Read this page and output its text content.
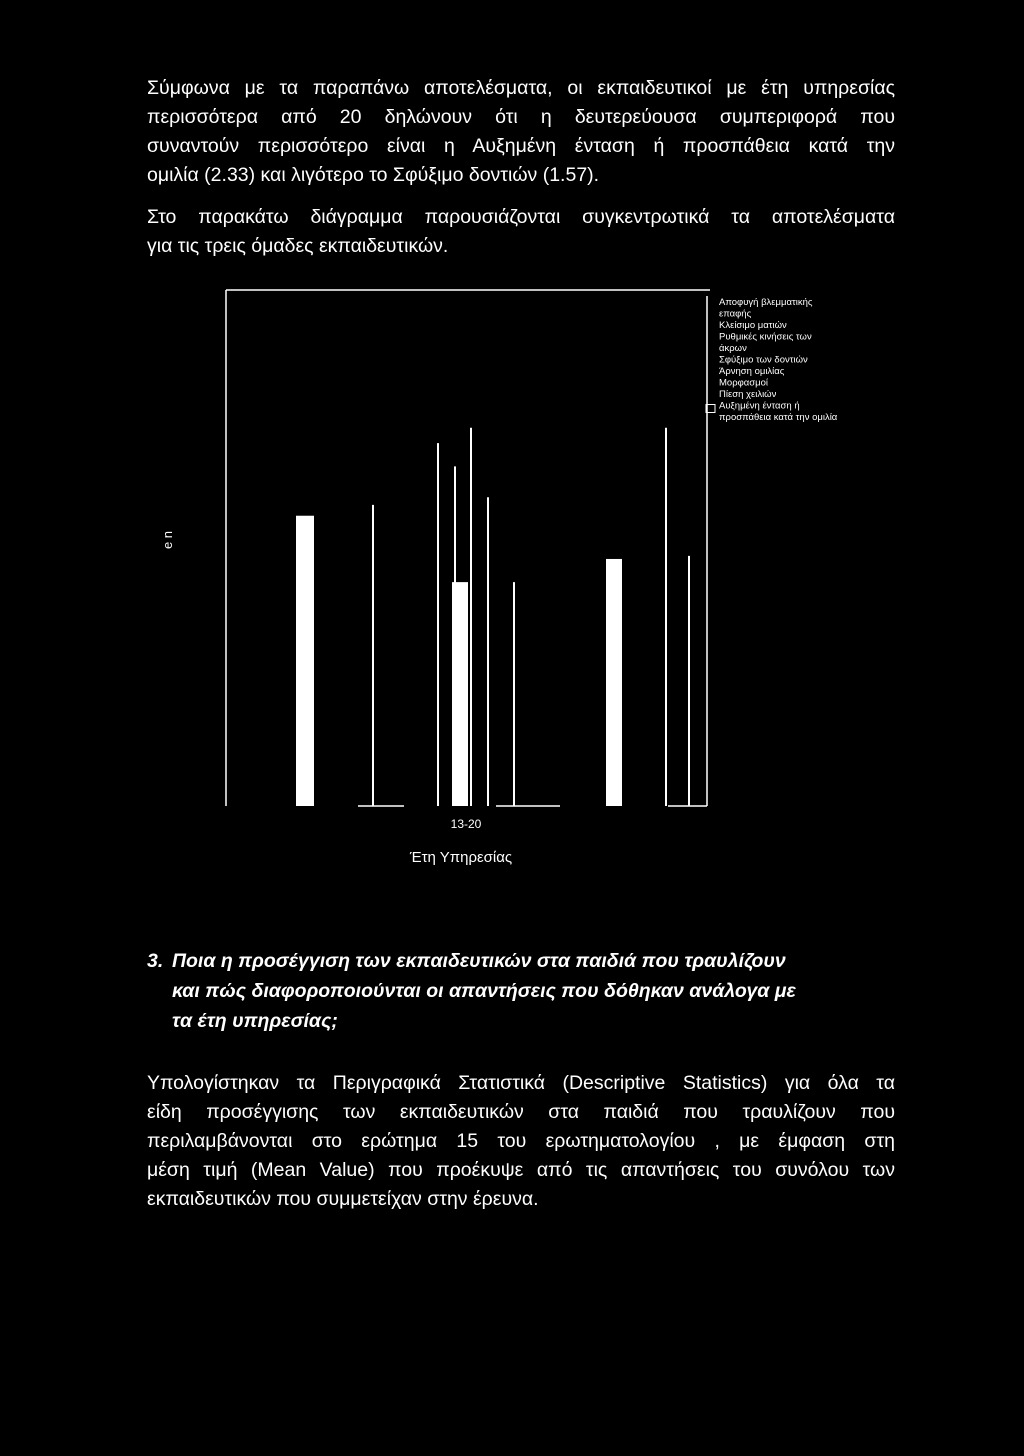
Σύμφωνα με τα παραπάνω αποτελέσματα, οι εκπαιδευτικοί με έτη υπηρεσίας
περισσότερα από 20 δηλώνουν ότι η δευτερεύουσα συμπεριφορά που
συναντούν περισσότερο είναι η Αυξημένη ένταση ή προσπάθεια κατά την
ομιλία (2.33) και λιγότερο το Σφύξιμο δοντιών (1.57).
Στο παρακάτω διάγραμμα παρουσιάζονται συγκεντρωτικά τα αποτελέσματα
για τις τρεις όμαδες εκπαιδευτικών.
Αποφυγή βλεμματικής
επαφής
Κλείσιμο ματιών
Ρυθμικές κινήσεις των
άκρων
Σφύξιμο των δοντιών
Άρνηση ομιλίας
Μορφασμοί
Πίεση χειλιών
Αυξημένη ένταση ή
προσπάθεια κατά την ομιλία
13-20
Έτη Υπηρεσίας
e n
3. Ποια η προσέγγιση των εκπαιδευτικών στα παιδιά που τραυλίζουν
και πώς διαφοροποιούνται οι απαντήσεις που δόθηκαν ανάλογα με
τα έτη υπηρεσίας;
Υπολογίστηκαν τα Περιγραφικά Στατιστικά (Descriptive Statistics) για όλα τα
είδη προσέγγισης των εκπαιδευτικών στα παιδιά που τραυλίζουν που
περιλαμβάνονται στο ερώτημα 15 του ερωτηματολογίου , με έμφαση στη
μέση τιμή (Mean Value) που προέκυψε από τις απαντήσεις του συνόλου των
εκπαιδευτικών που συμμετείχαν στην έρευνα.
